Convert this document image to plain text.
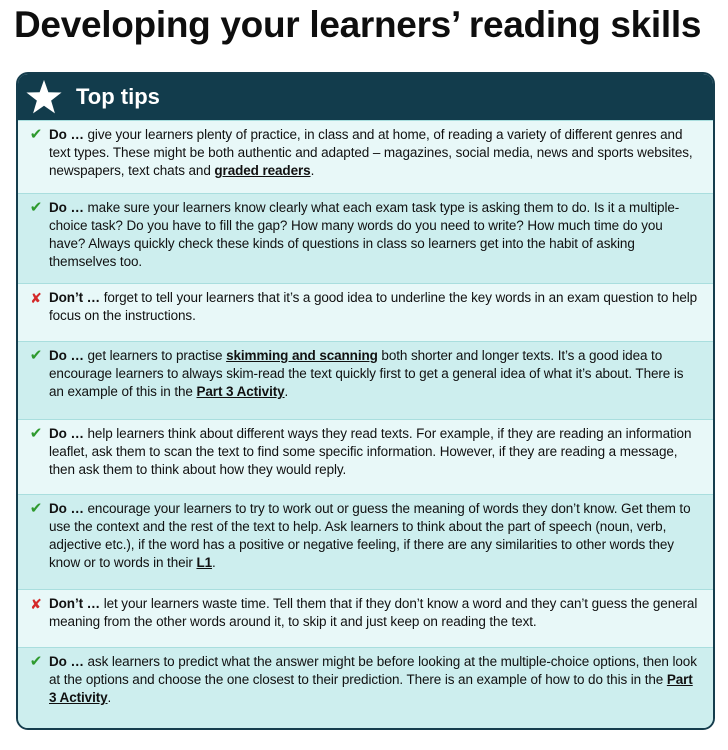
Developing your learners’ reading skills
Top tips
✔ Do … give your learners plenty of practice, in class and at home, of reading a variety of different genres and text types. These might be both authentic and adapted – magazines, social media, news and sports websites, newspapers, text chats and graded readers.
✔ Do … make sure your learners know clearly what each exam task type is asking them to do. Is it a multiple-choice task? Do you have to fill the gap? How many words do you need to write? How much time do you have? Always quickly check these kinds of questions in class so learners get into the habit of asking themselves too.
✘ Don’t … forget to tell your learners that it’s a good idea to underline the key words in an exam question to help focus on the instructions.
✔ Do … get learners to practise skimming and scanning both shorter and longer texts. It’s a good idea to encourage learners to always skim-read the text quickly first to get a general idea of what it’s about. There is an example of this in the Part 3 Activity.
✔ Do … help learners think about different ways they read texts. For example, if they are reading an information leaflet, ask them to scan the text to find some specific information. However, if they are reading a message, then ask them to think about how they would reply.
✔ Do … encourage your learners to try to work out or guess the meaning of words they don’t know. Get them to use the context and the rest of the text to help. Ask learners to think about the part of speech (noun, verb, adjective etc.), if the word has a positive or negative feeling, if there are any similarities to other words they know or to words in their L1.
✘ Don’t … let your learners waste time. Tell them that if they don’t know a word and they can’t guess the general meaning from the other words around it, to skip it and just keep on reading the text.
✔ Do … ask learners to predict what the answer might be before looking at the multiple-choice options, then look at the options and choose the one closest to their prediction. There is an example of how to do this in the Part 3 Activity.
